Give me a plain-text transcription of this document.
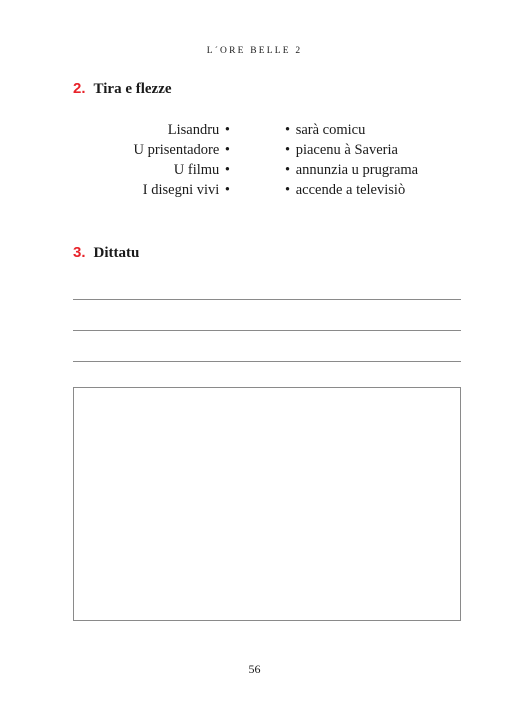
L´ORE BELLE 2
2. Tira e flezze
Lisandru •
U prisentadore •
U filmu •
I disegni vivi •
• sarà comicu
• piacenu à Saveria
• annunzia u prugrama
• accende a televisiò
3. Dittatu
56
